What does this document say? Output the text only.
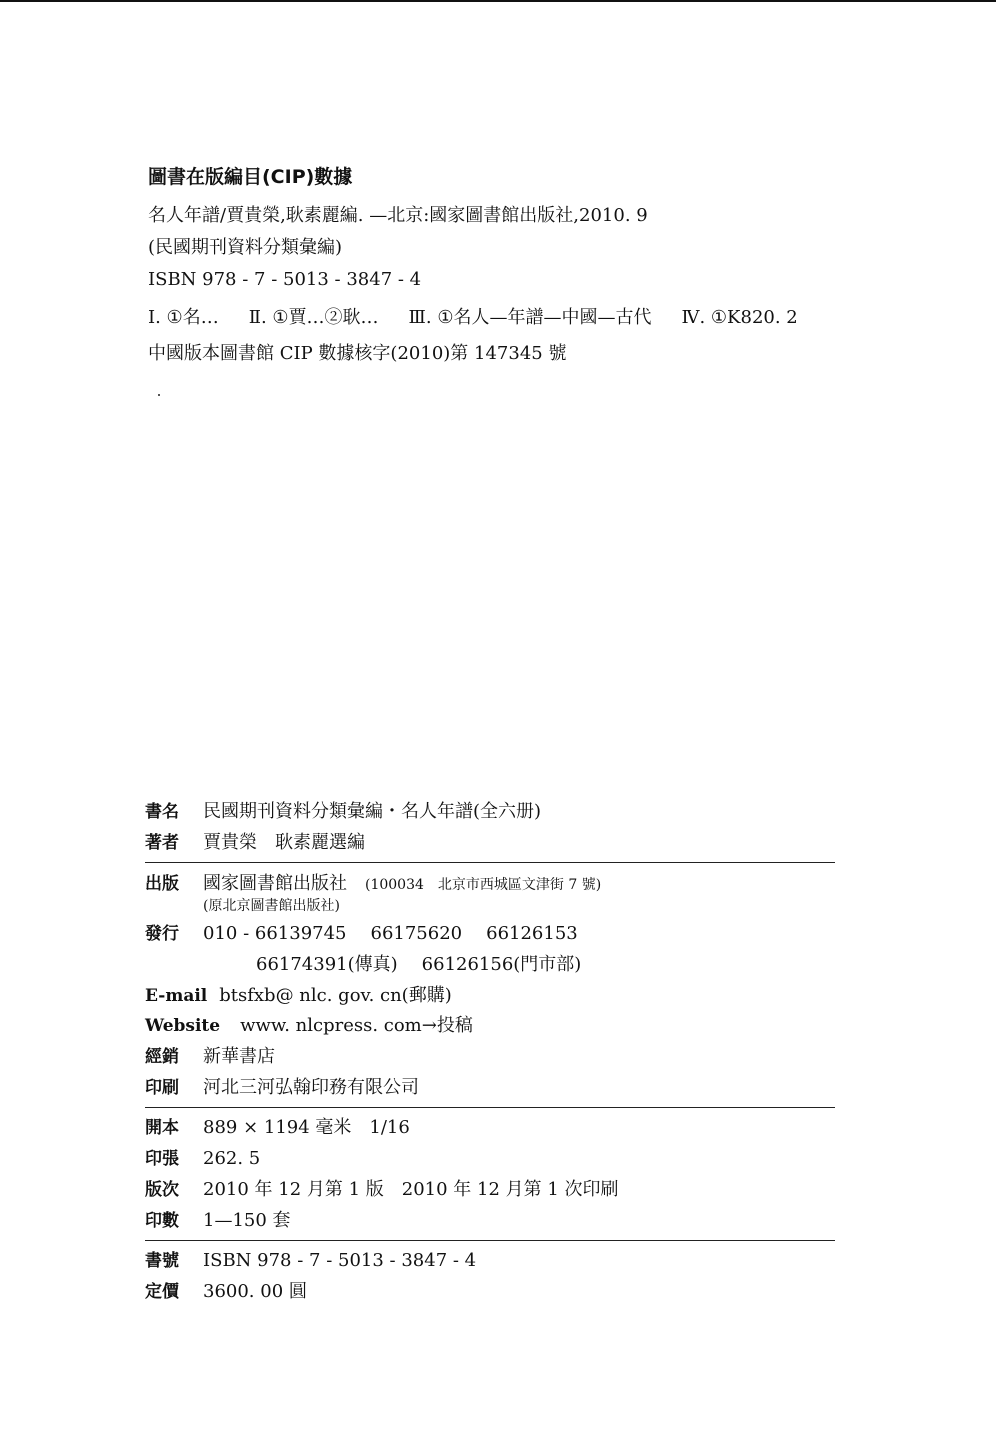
圖書在版編目(CIP)數據
名人年譜/賈貴榮,耿素麗編. —北京:國家圖書館出版社,2010. 9
(民國期刊資料分類彙編)
ISBN 978 - 7 - 5013 - 3847 - 4
Ⅰ. ①名… Ⅱ. ①賈…②耿… Ⅲ. ①名人—年譜—中國—古代 Ⅳ. ①K820. 2
中國版本圖書館 CIP 數據核字(2010)第 147345 號
書名	民國期刊資料分類彙編・名人年譜(全六册)
著者	賈貴榮　耿素麗選編
出版	國家圖書館出版社 (100034　北京市西城區文津街 7 號)
(原北京圖書館出版社)
發行	010 - 66139745 66175620 66126153
66174391(傳真) 66126156(門市部)
E-mail btsfxb@ nlc. gov. cn(郵購)
Website www. nlcpress. com→投稿
經銷	新華書店
印刷	河北三河弘翰印務有限公司
開本	889 × 1194 毫米　1/16
印張	262. 5
版次	2010 年 12 月第 1 版　2010 年 12 月第 1 次印刷
印數	1—150 套
書號	ISBN 978 - 7 - 5013 - 3847 - 4
定價	3600. 00 圓
